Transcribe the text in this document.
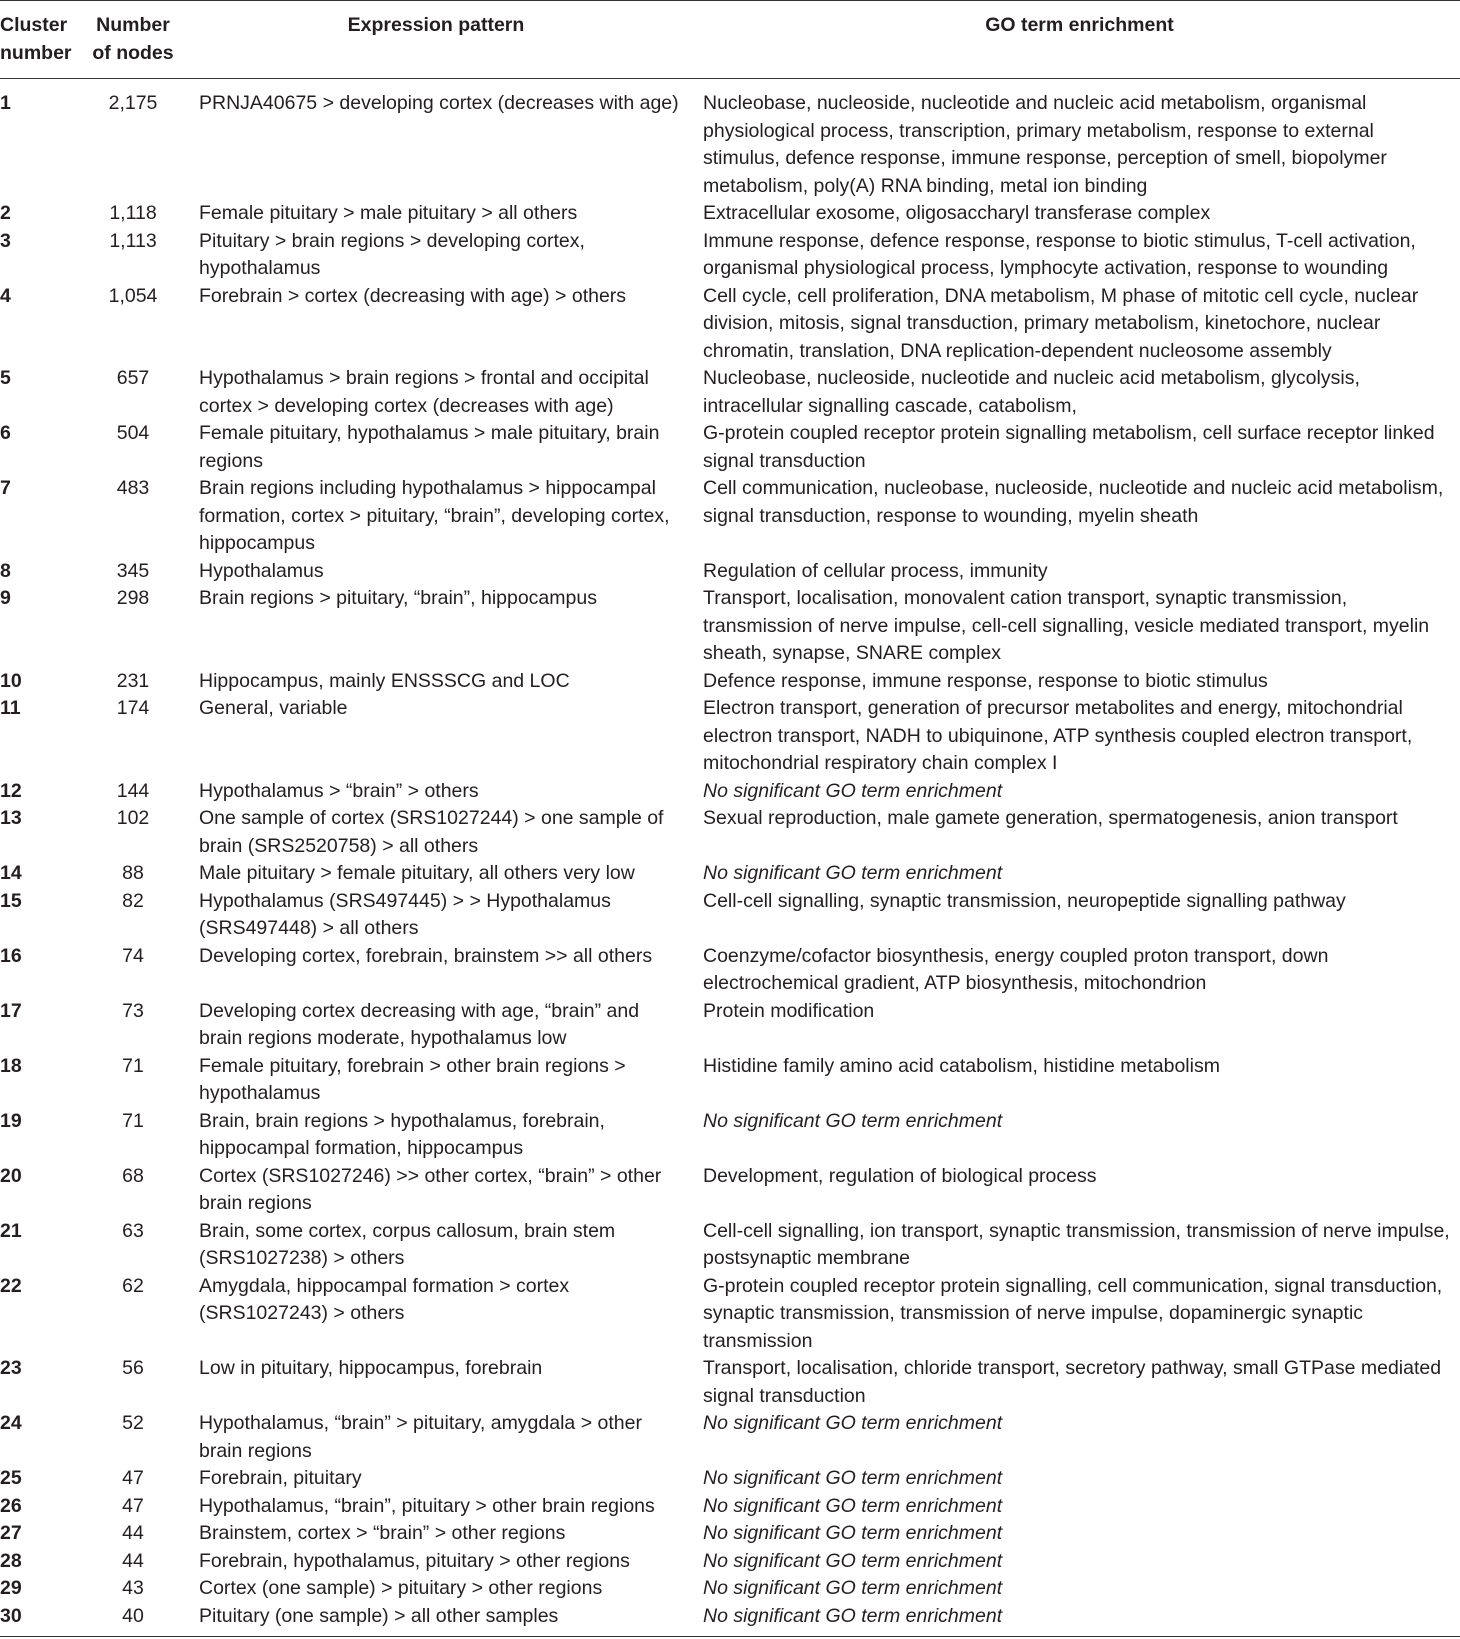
Cluster number	Number of nodes	Expression pattern	GO term enrichment
1	2,175	PRNJA40675 > developing cortex (decreases with age)	Nucleobase, nucleoside, nucleotide and nucleic acid metabolism, organismal physiological process, transcription, primary metabolism, response to external stimulus, defence response, immune response, perception of smell, biopolymer metabolism, poly(A) RNA binding, metal ion binding
2	1,118	Female pituitary > male pituitary > all others	Extracellular exosome, oligosaccharyl transferase complex
3	1,113	Pituitary > brain regions > developing cortex, hypothalamus	Immune response, defence response, response to biotic stimulus, T-cell activation, organismal physiological process, lymphocyte activation, response to wounding
4	1,054	Forebrain > cortex (decreasing with age) > others	Cell cycle, cell proliferation, DNA metabolism, M phase of mitotic cell cycle, nuclear division, mitosis, signal transduction, primary metabolism, kinetochore, nuclear chromatin, translation, DNA replication-dependent nucleosome assembly
5	657	Hypothalamus > brain regions > frontal and occipital cortex > developing cortex (decreases with age)	Nucleobase, nucleoside, nucleotide and nucleic acid metabolism, glycolysis, intracellular signalling cascade, catabolism,
6	504	Female pituitary, hypothalamus > male pituitary, brain regions	G-protein coupled receptor protein signalling metabolism, cell surface receptor linked signal transduction
7	483	Brain regions including hypothalamus > hippocampal formation, cortex > pituitary, “brain”, developing cortex, hippocampus	Cell communication, nucleobase, nucleoside, nucleotide and nucleic acid metabolism, signal transduction, response to wounding, myelin sheath
8	345	Hypothalamus	Regulation of cellular process, immunity
9	298	Brain regions > pituitary, “brain”, hippocampus	Transport, localisation, monovalent cation transport, synaptic transmission, transmission of nerve impulse, cell-cell signalling, vesicle mediated transport, myelin sheath, synapse, SNARE complex
10	231	Hippocampus, mainly ENSSSCG and LOC	Defence response, immune response, response to biotic stimulus
11	174	General, variable	Electron transport, generation of precursor metabolites and energy, mitochondrial electron transport, NADH to ubiquinone, ATP synthesis coupled electron transport, mitochondrial respiratory chain complex I
12	144	Hypothalamus > “brain” > others	No significant GO term enrichment
13	102	One sample of cortex (SRS1027244) > one sample of brain (SRS2520758) > all others	Sexual reproduction, male gamete generation, spermatogenesis, anion transport
14	88	Male pituitary > female pituitary, all others very low	No significant GO term enrichment
15	82	Hypothalamus (SRS497445) > > Hypothalamus (SRS497448) > all others	Cell-cell signalling, synaptic transmission, neuropeptide signalling pathway
16	74	Developing cortex, forebrain, brainstem >> all others	Coenzyme/cofactor biosynthesis, energy coupled proton transport, down electrochemical gradient, ATP biosynthesis, mitochondrion
17	73	Developing cortex decreasing with age, “brain” and brain regions moderate, hypothalamus low	Protein modification
18	71	Female pituitary, forebrain > other brain regions > hypothalamus	Histidine family amino acid catabolism, histidine metabolism
19	71	Brain, brain regions > hypothalamus, forebrain, hippocampal formation, hippocampus	No significant GO term enrichment
20	68	Cortex (SRS1027246) >> other cortex, “brain” > other brain regions	Development, regulation of biological process
21	63	Brain, some cortex, corpus callosum, brain stem (SRS1027238) > others	Cell-cell signalling, ion transport, synaptic transmission, transmission of nerve impulse, postsynaptic membrane
22	62	Amygdala, hippocampal formation > cortex (SRS1027243) > others	G-protein coupled receptor protein signalling, cell communication, signal transduction, synaptic transmission, transmission of nerve impulse, dopaminergic synaptic transmission
23	56	Low in pituitary, hippocampus, forebrain	Transport, localisation, chloride transport, secretory pathway, small GTPase mediated signal transduction
24	52	Hypothalamus, “brain” > pituitary, amygdala > other brain regions	No significant GO term enrichment
25	47	Forebrain, pituitary	No significant GO term enrichment
26	47	Hypothalamus, “brain”, pituitary > other brain regions	No significant GO term enrichment
27	44	Brainstem, cortex > “brain” > other regions	No significant GO term enrichment
28	44	Forebrain, hypothalamus, pituitary > other regions	No significant GO term enrichment
29	43	Cortex (one sample) > pituitary > other regions	No significant GO term enrichment
30	40	Pituitary (one sample) > all other samples	No significant GO term enrichment
